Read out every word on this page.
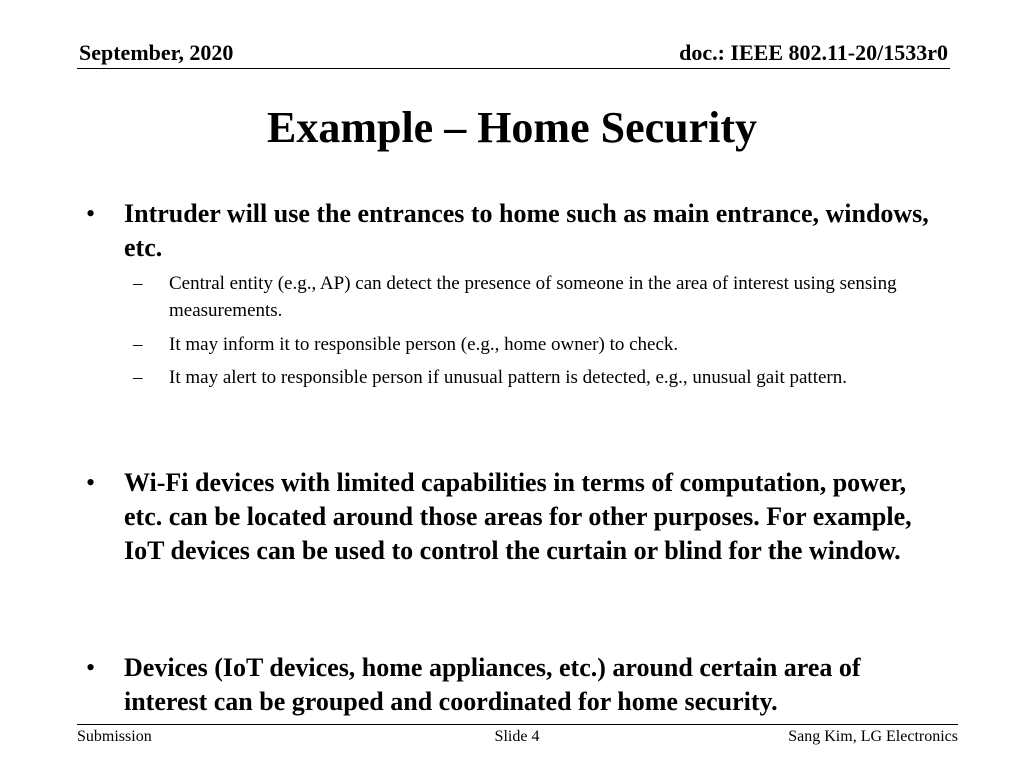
September, 2020	doc.: IEEE 802.11-20/1533r0
Example – Home Security
• Intruder will use the entrances to home such as main entrance, windows, etc.
– Central entity (e.g., AP) can detect the presence of someone in the area of interest using sensing measurements.
– It may inform it to responsible person (e.g., home owner) to check.
– It may alert to responsible person if unusual pattern is detected, e.g., unusual gait pattern.
• Wi-Fi devices with limited capabilities in terms of computation, power, etc. can be located around those areas for other purposes. For example, IoT devices can be used to control the curtain or blind for the window.
• Devices (IoT devices, home appliances, etc.) around certain area of interest can be grouped and coordinated for home security.
Submission	Slide 4	Sang Kim, LG Electronics
